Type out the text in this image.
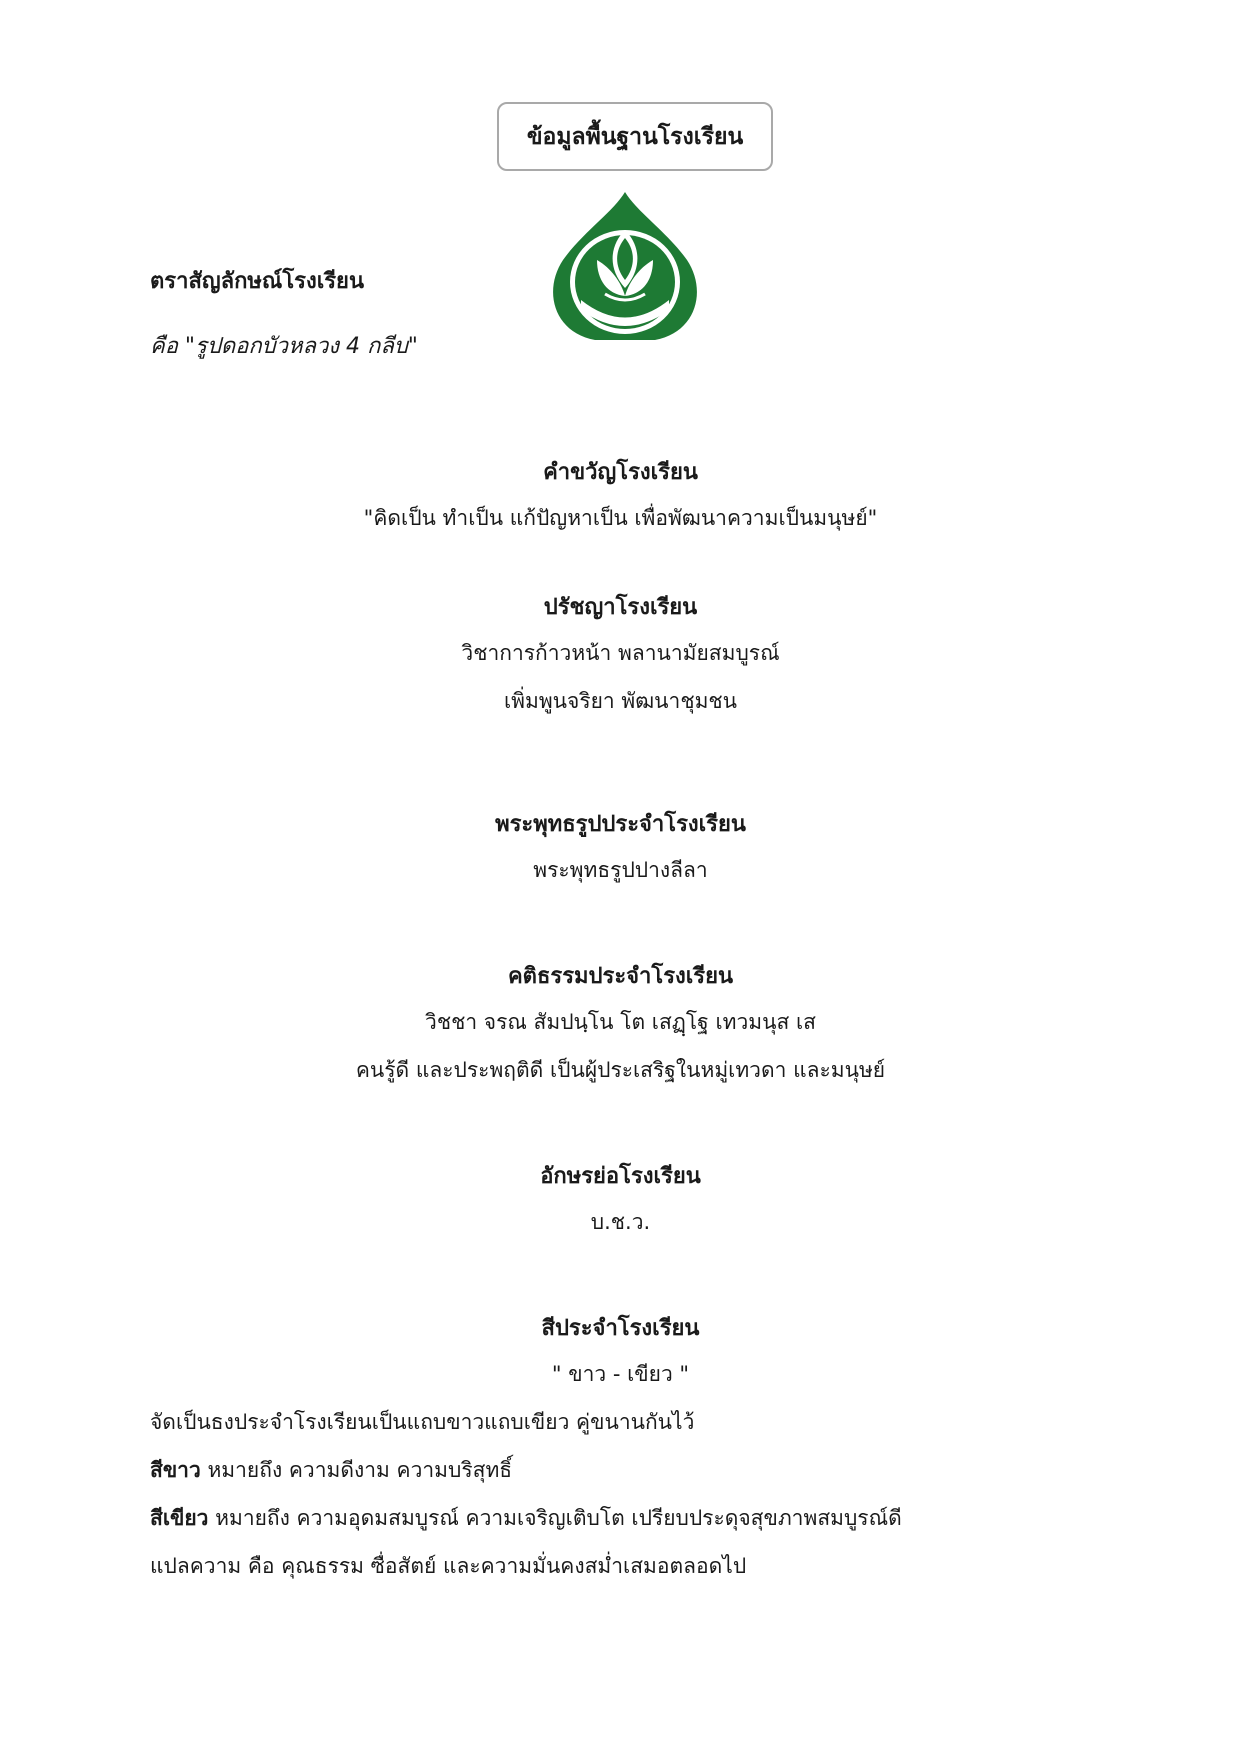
ข้อมูลพื้นฐานโรงเรียน
ตราสัญลักษณ์โรงเรียน
คือ "รูปดอกบัวหลวง 4 กลีบ"
คำขวัญโรงเรียน
"คิดเป็น ทำเป็น แก้ปัญหาเป็น เพื่อพัฒนาความเป็นมนุษย์"
ปรัชญาโรงเรียน
วิชาการก้าวหน้า พลานามัยสมบูรณ์
เพิ่มพูนจริยา พัฒนาชุมชน
พระพุทธรูปประจำโรงเรียน
พระพุทธรูปปางลีลา
คติธรรมประจำโรงเรียน
วิชชา จรณ สัมปนฺโน โต เสฏฺโฐ เทวมนุส เส
คนรู้ดี และประพฤติดี เป็นผู้ประเสริฐในหมู่เทวดา และมนุษย์
อักษรย่อโรงเรียน
บ.ช.ว.
สีประจำโรงเรียน
" ขาว - เขียว "
จัดเป็นธงประจำโรงเรียนเป็นแถบขาวแถบเขียว คู่ขนานกันไว้
สีขาว หมายถึง ความดีงาม ความบริสุทธิ์
สีเขียว หมายถึง ความอุดมสมบูรณ์ ความเจริญเติบโต เปรียบประดุจสุขภาพสมบูรณ์ดี
แปลความ คือ คุณธรรม ซื่อสัตย์ และความมั่นคงสม่ำเสมอตลอดไป
